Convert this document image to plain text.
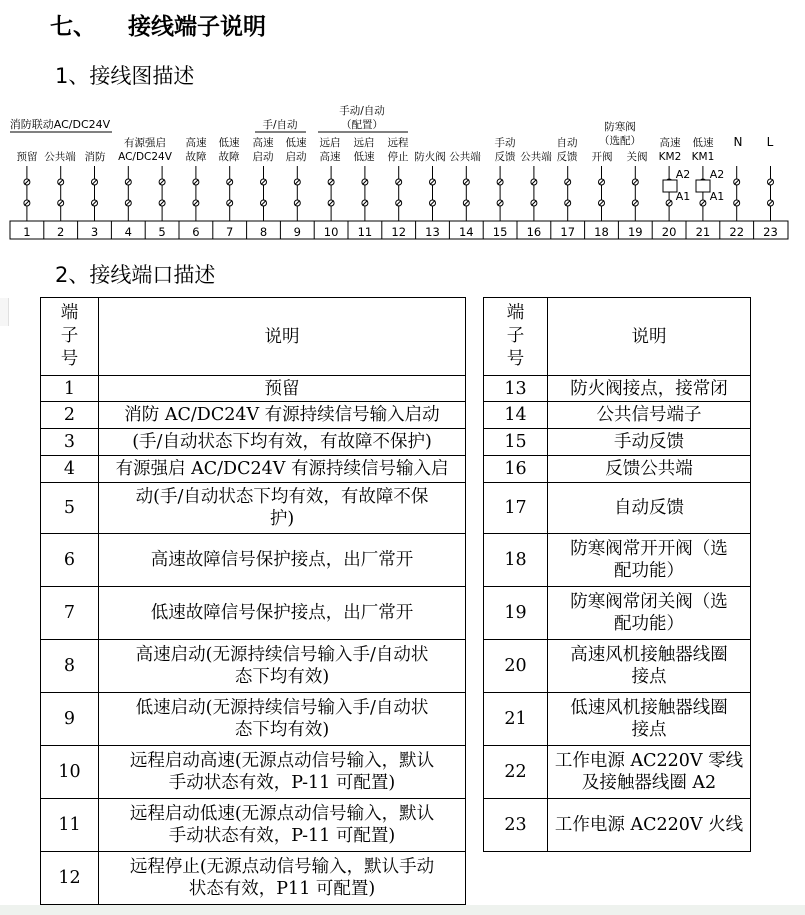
七、    接线端子说明
1、接线图描述
消防联动AC/DC24V	手/自动
手动/自动
（配置）	防寒阀
（选配）
预留 公共端 消防
有源强启
AC/DC24V
高速
故障
低速
故障
高速
启动
低速
启动
远启
高速
远启
低速
远程
停止 防火阀 公共端
手动
反馈 公共端
自动
反馈 开阀 关阀
高速
KM2
低速
KM1
N L
A2
A1
A2
A1
1 2 3 4 5 6 7 8 9 10 11 12 13 14 15 16 17 18 19 20 21 22 23
2、接线端口描述
端
子
号	说明
1	预留
2	消防 AC/DC24V 有源持续信号输入启动
3	(手/自动状态下均有效，有故障不保护)
4	有源强启 AC/DC24V 有源持续信号输入启
5	动(手/自动状态下均有效，有故障不保
护)
6	高速故障信号保护接点，出厂常开
7	低速故障信号保护接点，出厂常开
8	高速启动(无源持续信号输入手/自动状
态下均有效)
9	低速启动(无源持续信号输入手/自动状
态下均有效)
10	远程启动高速(无源点动信号输入，默认
手动状态有效，P-11 可配置)
11	远程启动低速(无源点动信号输入，默认
手动状态有效，P-11 可配置)
12	远程停止(无源点动信号输入，默认手动
状态有效，P11 可配置)
端
子
号	说明
13	防火阀接点，接常闭
14	公共信号端子
15	手动反馈
16	反馈公共端
17	自动反馈
18	防寒阀常开开阀（选
配功能）
19	防寒阀常闭关阀（选
配功能）
20	高速风机接触器线圈
接点
21	低速风机接触器线圈
接点
22	工作电源 AC220V 零线
及接触器线圈 A2
23	工作电源 AC220V 火线
